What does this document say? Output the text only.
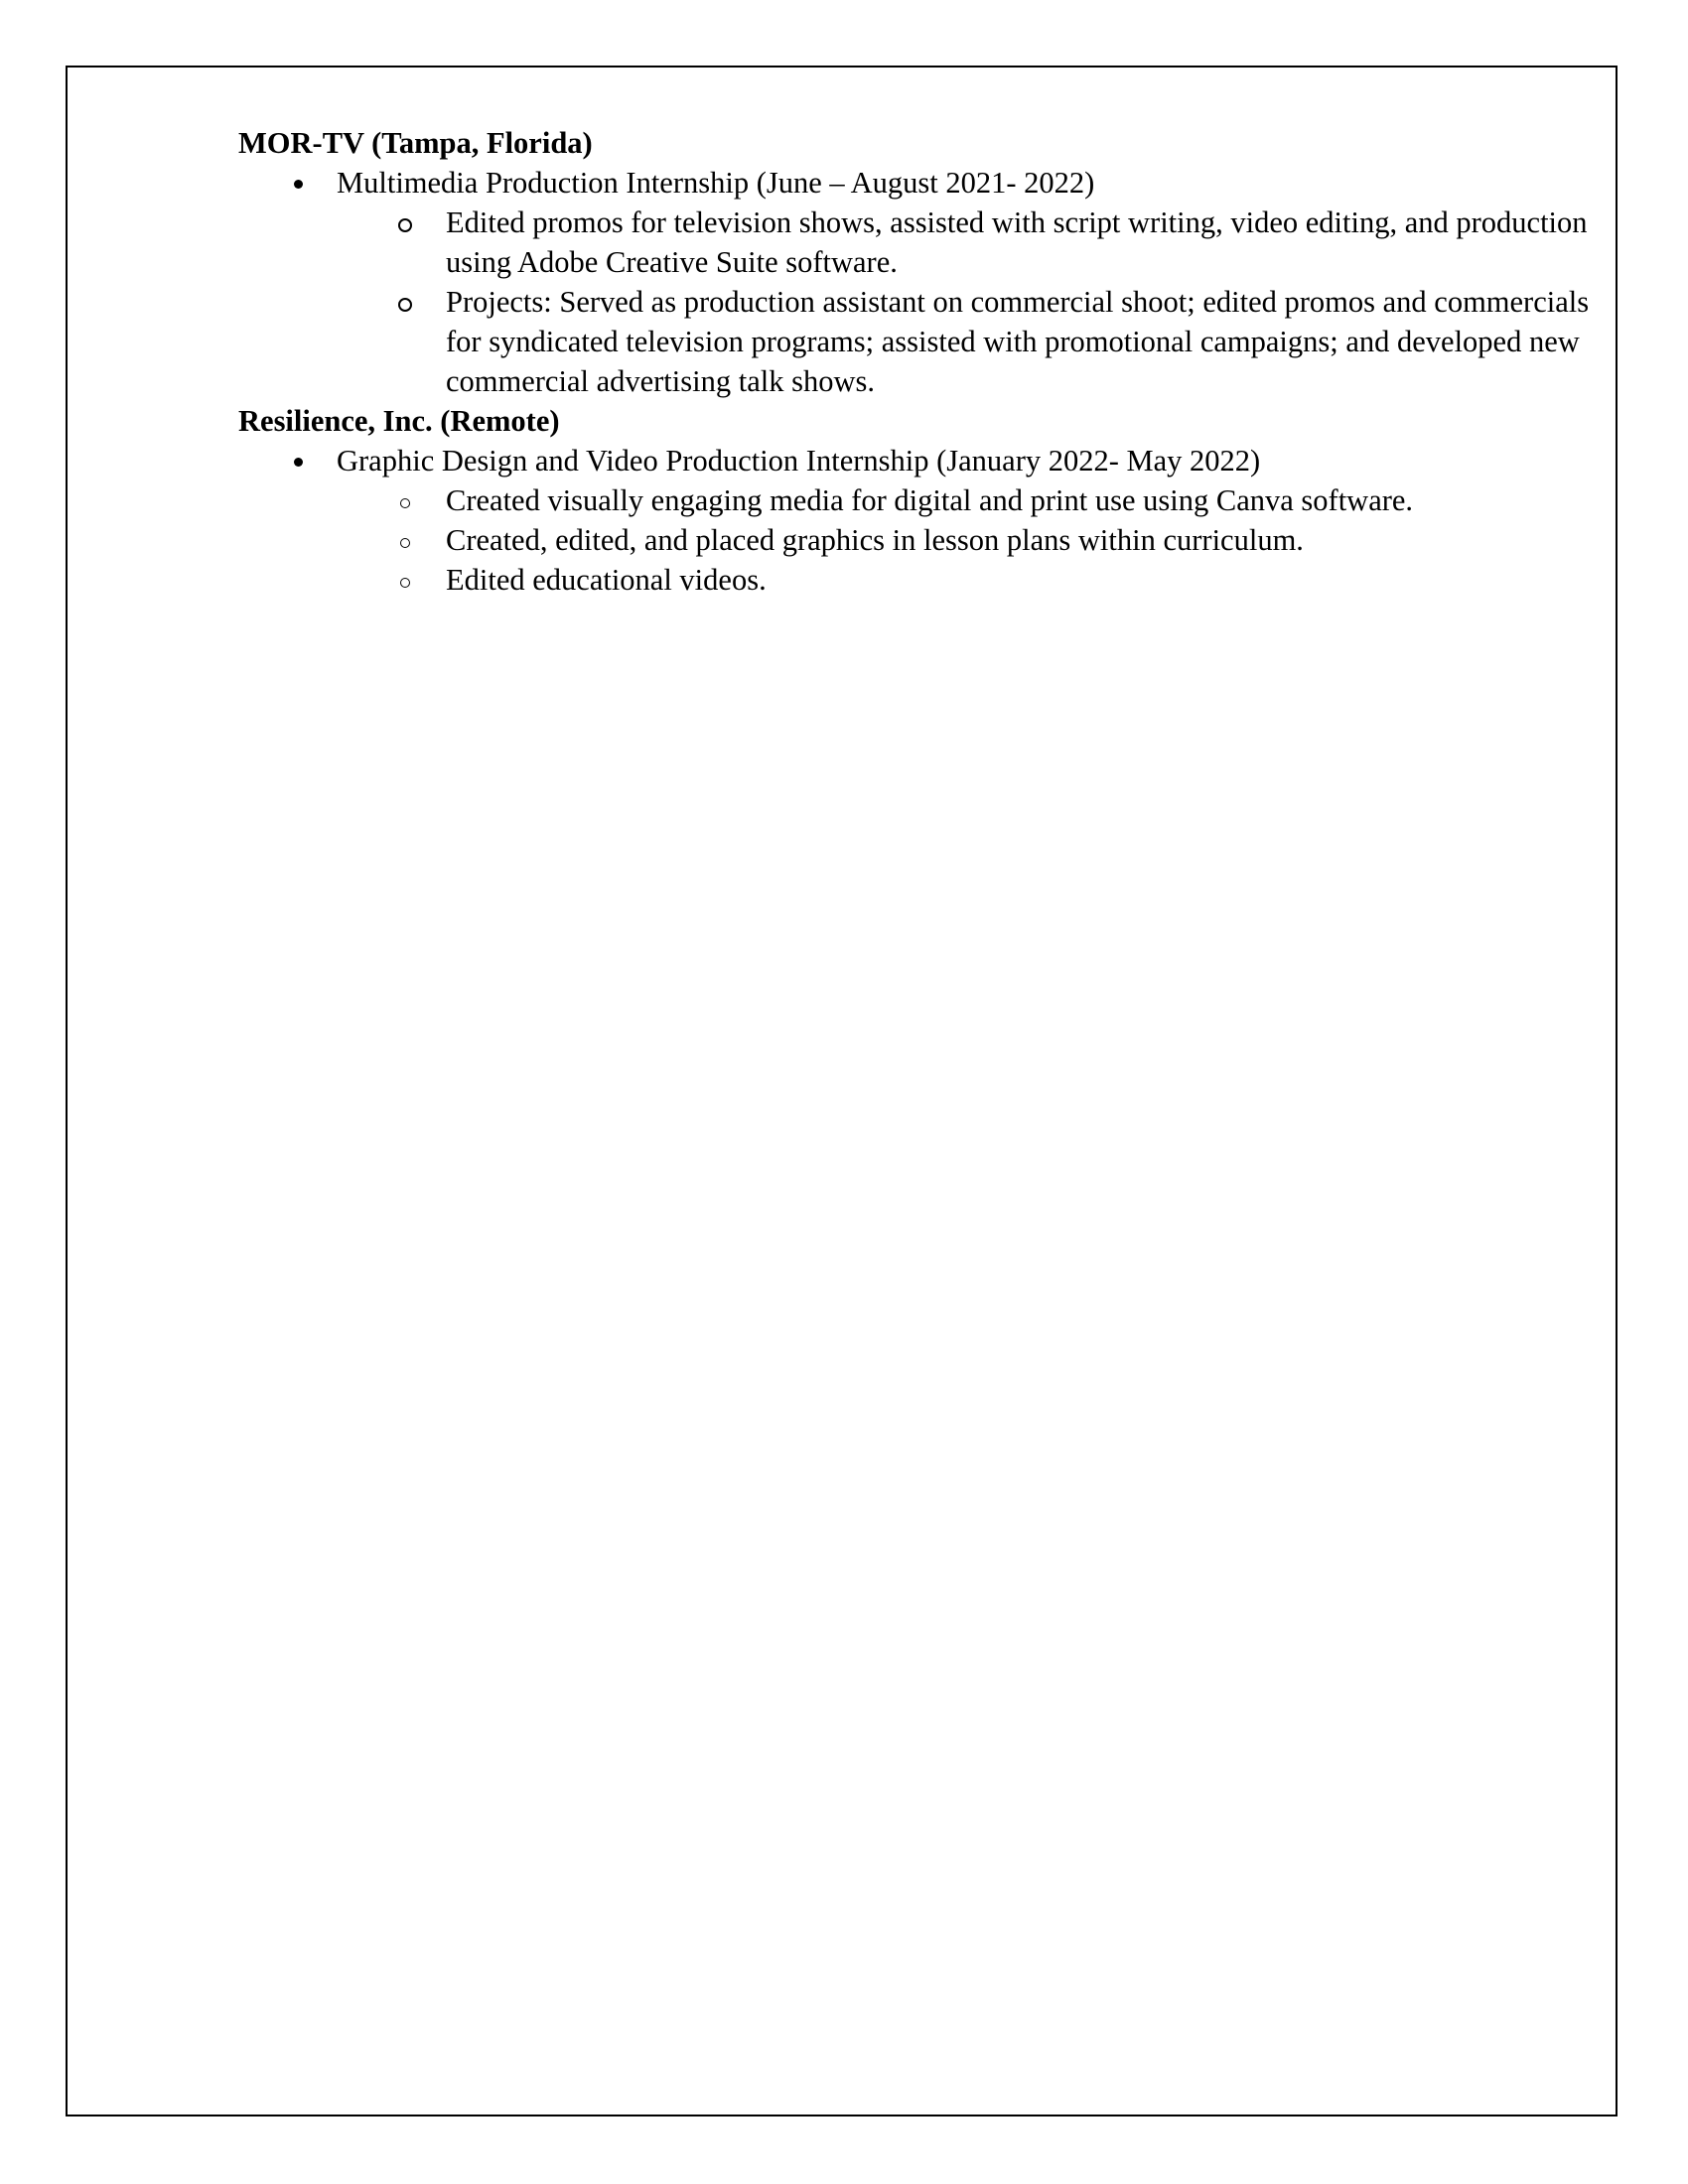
MOR-TV (Tampa, Florida)
Multimedia Production Internship (June – August 2021- 2022)
Edited promos for television shows, assisted with script writing, video editing, and production using Adobe Creative Suite software.
Projects: Served as production assistant on commercial shoot; edited promos and commercials for syndicated television programs; assisted with promotional campaigns; and developed new commercial advertising talk shows.
Resilience, Inc. (Remote)
Graphic Design and Video Production Internship (January 2022- May 2022)
Created visually engaging media for digital and print use using Canva software.
Created, edited, and placed graphics in lesson plans within curriculum.
Edited educational videos.
